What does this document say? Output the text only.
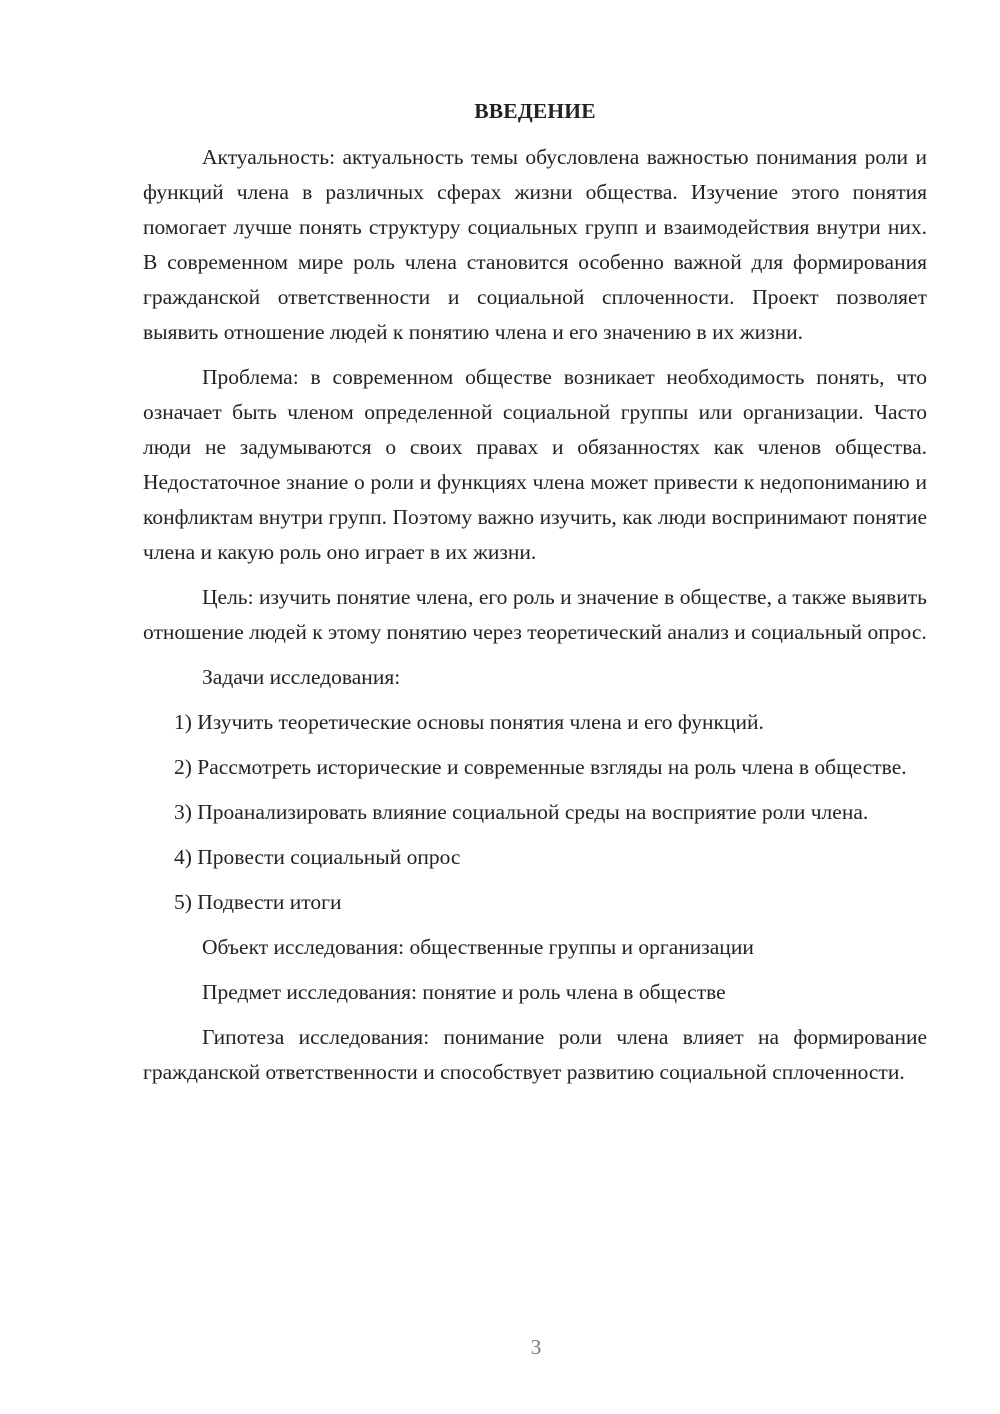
ВВЕДЕНИЕ

Актуальность: актуальность темы обусловлена важностью понимания роли и функций члена в различных сферах жизни общества. Изучение этого понятия помогает лучше понять структуру социальных групп и взаимодействия внутри них. В современном мире роль члена становится особенно важной для формирования гражданской ответственности и социальной сплоченности. Проект позволяет выявить отношение людей к понятию члена и его значению в их жизни.

Проблема: в современном обществе возникает необходимость понять, что означает быть членом определенной социальной группы или организации. Часто люди не задумываются о своих правах и обязанностях как членов общества. Недостаточное знание о роли и функциях члена может привести к недопониманию и конфликтам внутри групп. Поэтому важно изучить, как люди воспринимают понятие члена и какую роль оно играет в их жизни.

Цель: изучить понятие члена, его роль и значение в обществе, а также выявить отношение людей к этому понятию через теоретический анализ и социальный опрос.

Задачи исследования:

1) Изучить теоретические основы понятия члена и его функций.

2) Рассмотреть исторические и современные взгляды на роль члена в обществе.

3) Проанализировать влияние социальной среды на восприятие роли члена.

4) Провести социальный опрос

5) Подвести итоги

Объект исследования: общественные группы и организации

Предмет исследования: понятие и роль члена в обществе

Гипотеза исследования: понимание роли члена влияет на формирование гражданской ответственности и способствует развитию социальной сплоченности.

3
